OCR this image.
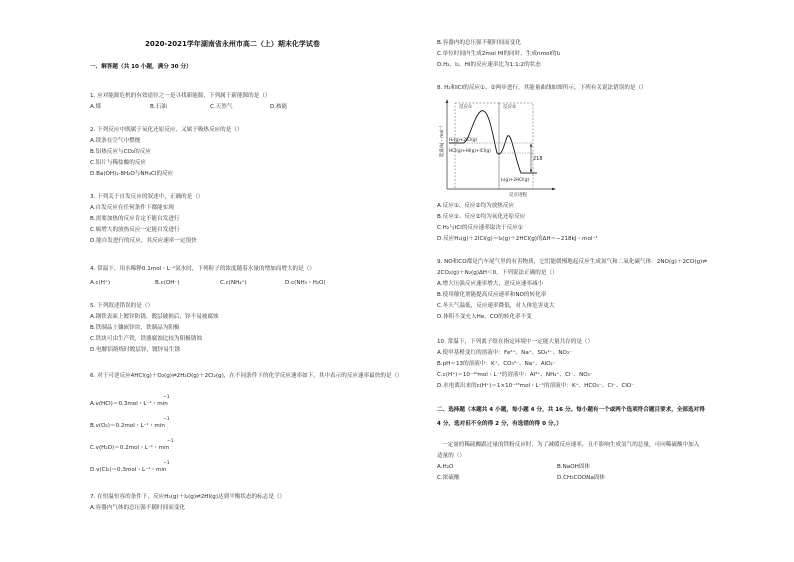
2020-2021学年湖南省永州市高二（上）期末化学试卷
一、解答题（共 10 小题，满分 30 分）
1. 应对能源危机的有效途径之一是寻找新能源，下列属于新能源的是（）
A.煤	B.石油	C.天然气	D.核能
2. 下列反应中既属于氧化还原反应，又属于吸热反应的是（）
A.镁条在空气中燃烧
B.铝热反应与CO₂的反应
C.铝片与稀盐酸的反应
D.Ba(OH)₂·8H₂O与NH₄Cl的反应
3. 下列关于自发反应的叙述中，正确的是（）
A.自发反应在任何条件下都能实现
B.需要加热的反应肯定不能自发进行
C.熵增大的放热反应一定能自发进行
D.能自发进行的反应，其反应速率一定很快
4. 常温下，用水稀释0.1mol・L⁻¹氨水时，下列粒子的浓度随着水量的增加而增大的是（）
A.c(H⁺)	B.c(OH⁻)	C.c(NH₄⁺)	D.c(NH₃・H₂O)
5. 下列叙述错误的是（）
A.钢铁表面上镀锌防锈，镀层破损后，锌不易被腐蚀
B.铁制品上镶嵌锌块，铁制品为阳极
C.铁块可由生产铁，铁器腐蚀比较为阳极锈蚀
D.电解铝熔炼时镀层锌，镀锌易生锈
6. 对于可逆反应4HCl(g)＋O₂(g)⇌2H₂O(g)＋2Cl₂(g)，在不同条件下的化学反应速率如下，其中表示的反应速率最快的是（）
−1
A.v(HCl)＝0.3mol・L⁻¹・min
−1
B.v(O₂)＝0.2mol・L⁻¹・min
−1
C.v(H₂O)＝0.2mol・L⁻¹・min
−1
D.v(Cl₂)＝0.3mol・L⁻¹・min
7. 在恒温恒容的条件下，反应H₂(g)＋I₂(g)⇌2HI(g)达到平衡状态的标志是（）
A.容器内气体的总压强不随时间而变化
B.容器内的总压强不随时间而变化
C.单位时间内生成2mol HI的同时，生成nmol的I₂
D.H₂、I₂、HI的反应速率比为1:1:2的状态
8. H₂和ICl的反应①、②两步进行，其能量曲线如图所示，下列有关说法错误的是（）
218
反应①	反应②
H₂(g)+2ICl(g)
HCl(g)+HI(g)+ICl(g)
I₂(g)+2HCl(g)
反应进程
能量/kJ・mol⁻¹
A.反应①、反应②均为放热反应
B.反应①、反应②均为氧化还原反应
C.H₂与ICl的反应速率取决于反应①
D.反应H₂(g)＋2ICl(g)＝I₂(g)＋2HCl(g)的ΔH＝−218kJ・mol⁻¹
9. NO和CO都是汽车尾气里的有害物质，它们能缓慢地起反应生成氮气和二氧化碳气体：2NO(g)＋2CO(g)⇌
2CO₂(g)＋N₂(g)ΔH＜0，下列说法正确的是（）
A.增大压强反应速率增大，逆反应速率减小
B.使用催化剂能提高反应速率和NO的转化率
C.冬天气温低，反应速率降低，对人体危害更大
D.体积不变充入He，CO的转化率不变
10. 常温下，下列离子组在指定环境中一定能大量共存的是（）
A.使甲基橙变红的溶液中：Fe²⁺、Na⁺、SO₄²⁻、NO₃⁻
B.pH＝13的溶液中：K⁺、CO₃²⁻、Na⁺、AlO₂⁻
C.c(H⁺)＝10⁻¹⁰mol・L⁻¹的溶液中：Al³⁺、NH₄⁺、Cl⁻、NO₃⁻
D.水电离出来的c(H⁺)＝1×10⁻¹³mol・L⁻¹的溶液中：K⁺、HCO₃⁻、Cl⁻、ClO⁻
二、选择题（本题共 4 小题，每小题 4 分，共 16 分。每小题有一个或两个选项符合题目要求，全部选对得
4 分，选对但不全的得 2 分，有选错的得 0 分。）
一定量的稀硫酸跟过量的铁粉反应时，为了减缓反应速率，且不影响生成氢气的总量，可向稀硫酸中加入
适量的（）
A.H₂O	B.NaOH固体
C.浓硫酸	D.CH₃COONa固体
